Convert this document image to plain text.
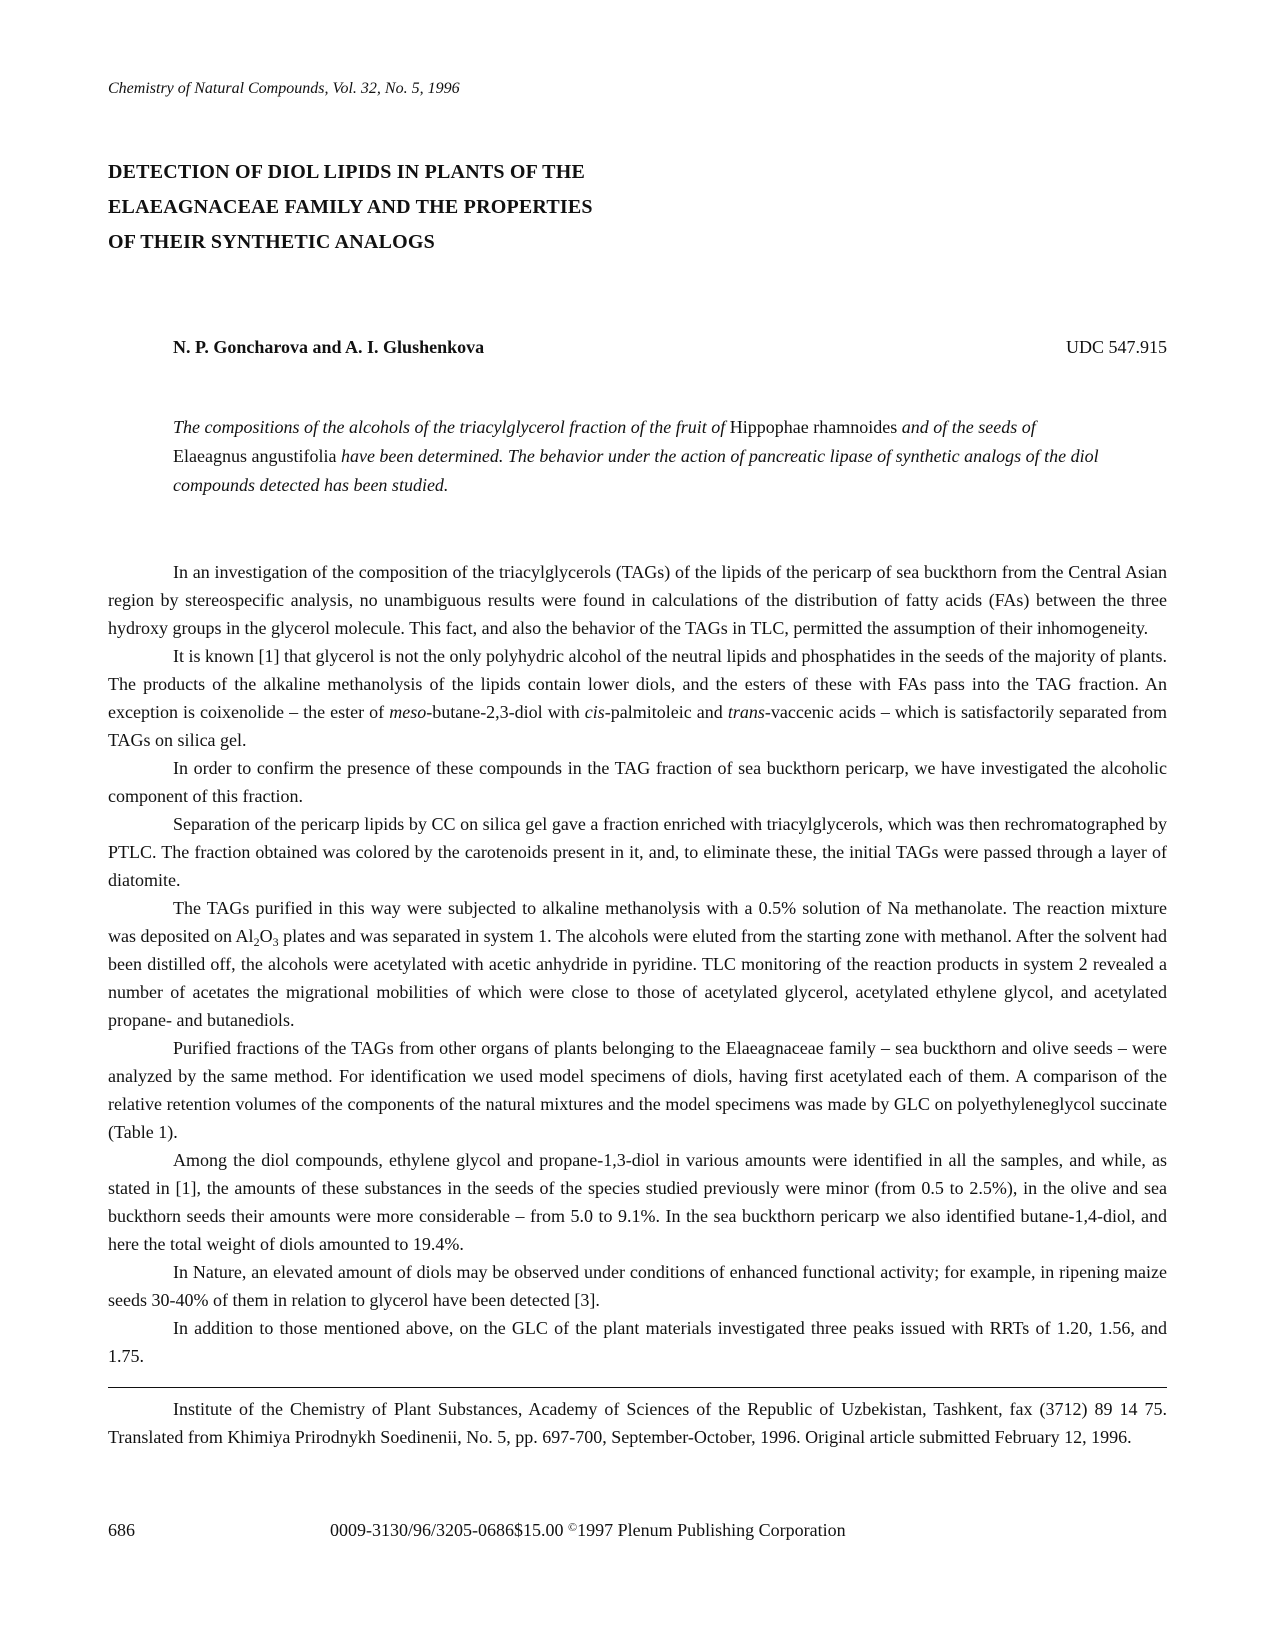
Chemistry of Natural Compounds, Vol. 32, No. 5, 1996
DETECTION OF DIOL LIPIDS IN PLANTS OF THE
ELAEAGNACEAE FAMILY AND THE PROPERTIES
OF THEIR SYNTHETIC ANALOGS
N. P. Goncharova and A. I. Glushenkova	UDC 547.915
The compositions of the alcohols of the triacylglycerol fraction of the fruit of Hippophae rhamnoides and of the seeds of Elaeagnus angustifolia have been determined. The behavior under the action of pancreatic lipase of synthetic analogs of the diol compounds detected has been studied.

In an investigation of the composition of the triacylglycerols (TAGs) of the lipids of the pericarp of sea buckthorn from the Central Asian region by stereospecific analysis, no unambiguous results were found in calculations of the distribution of fatty acids (FAs) between the three hydroxy groups in the glycerol molecule. This fact, and also the behavior of the TAGs in TLC, permitted the assumption of their inhomogeneity.

It is known [1] that glycerol is not the only polyhydric alcohol of the neutral lipids and phosphatides in the seeds of the majority of plants. The products of the alkaline methanolysis of the lipids contain lower diols, and the esters of these with FAs pass into the TAG fraction. An exception is coixenolide – the ester of meso-butane-2,3-diol with cis-palmitoleic and trans-vaccenic acids – which is satisfactorily separated from TAGs on silica gel.

In order to confirm the presence of these compounds in the TAG fraction of sea buckthorn pericarp, we have investigated the alcoholic component of this fraction.

Separation of the pericarp lipids by CC on silica gel gave a fraction enriched with triacylglycerols, which was then rechromatographed by PTLC. The fraction obtained was colored by the carotenoids present in it, and, to eliminate these, the initial TAGs were passed through a layer of diatomite.

The TAGs purified in this way were subjected to alkaline methanolysis with a 0.5% solution of Na methanolate. The reaction mixture was deposited on $Al_2O_3$ plates and was separated in system 1. The alcohols were eluted from the starting zone with methanol. After the solvent had been distilled off, the alcohols were acetylated with acetic anhydride in pyridine. TLC monitoring of the reaction products in system 2 revealed a number of acetates the migrational mobilities of which were close to those of acetylated glycerol, acetylated ethylene glycol, and acetylated propane- and butanediols.

Purified fractions of the TAGs from other organs of plants belonging to the Elaeagnaceae family – sea buckthorn and olive seeds – were analyzed by the same method. For identification we used model specimens of diols, having first acetylated each of them. A comparison of the relative retention volumes of the components of the natural mixtures and the model specimens was made by GLC on polyethyleneglycol succinate (Table 1).

Among the diol compounds, ethylene glycol and propane-1,3-diol in various amounts were identified in all the samples, and while, as stated in [1], the amounts of these substances in the seeds of the species studied previously were minor (from 0.5 to 2.5%), in the olive and sea buckthorn seeds their amounts were more considerable – from 5.0 to 9.1%. In the sea buckthorn pericarp we also identified butane-1,4-diol, and here the total weight of diols amounted to 19.4%.

In Nature, an elevated amount of diols may be observed under conditions of enhanced functional activity; for example, in ripening maize seeds 30-40% of them in relation to glycerol have been detected [3].

In addition to those mentioned above, on the GLC of the plant materials investigated three peaks issued with RRTs of 1.20, 1.56, and 1.75.

Institute of the Chemistry of Plant Substances, Academy of Sciences of the Republic of Uzbekistan, Tashkent, fax (3712) 89 14 75. Translated from Khimiya Prirodnykh Soedinenii, No. 5, pp. 697-700, September-October, 1996. Original article submitted February 12, 1996.
686	0009-3130/96/3205-0686$15.00 ©1997 Plenum Publishing Corporation
